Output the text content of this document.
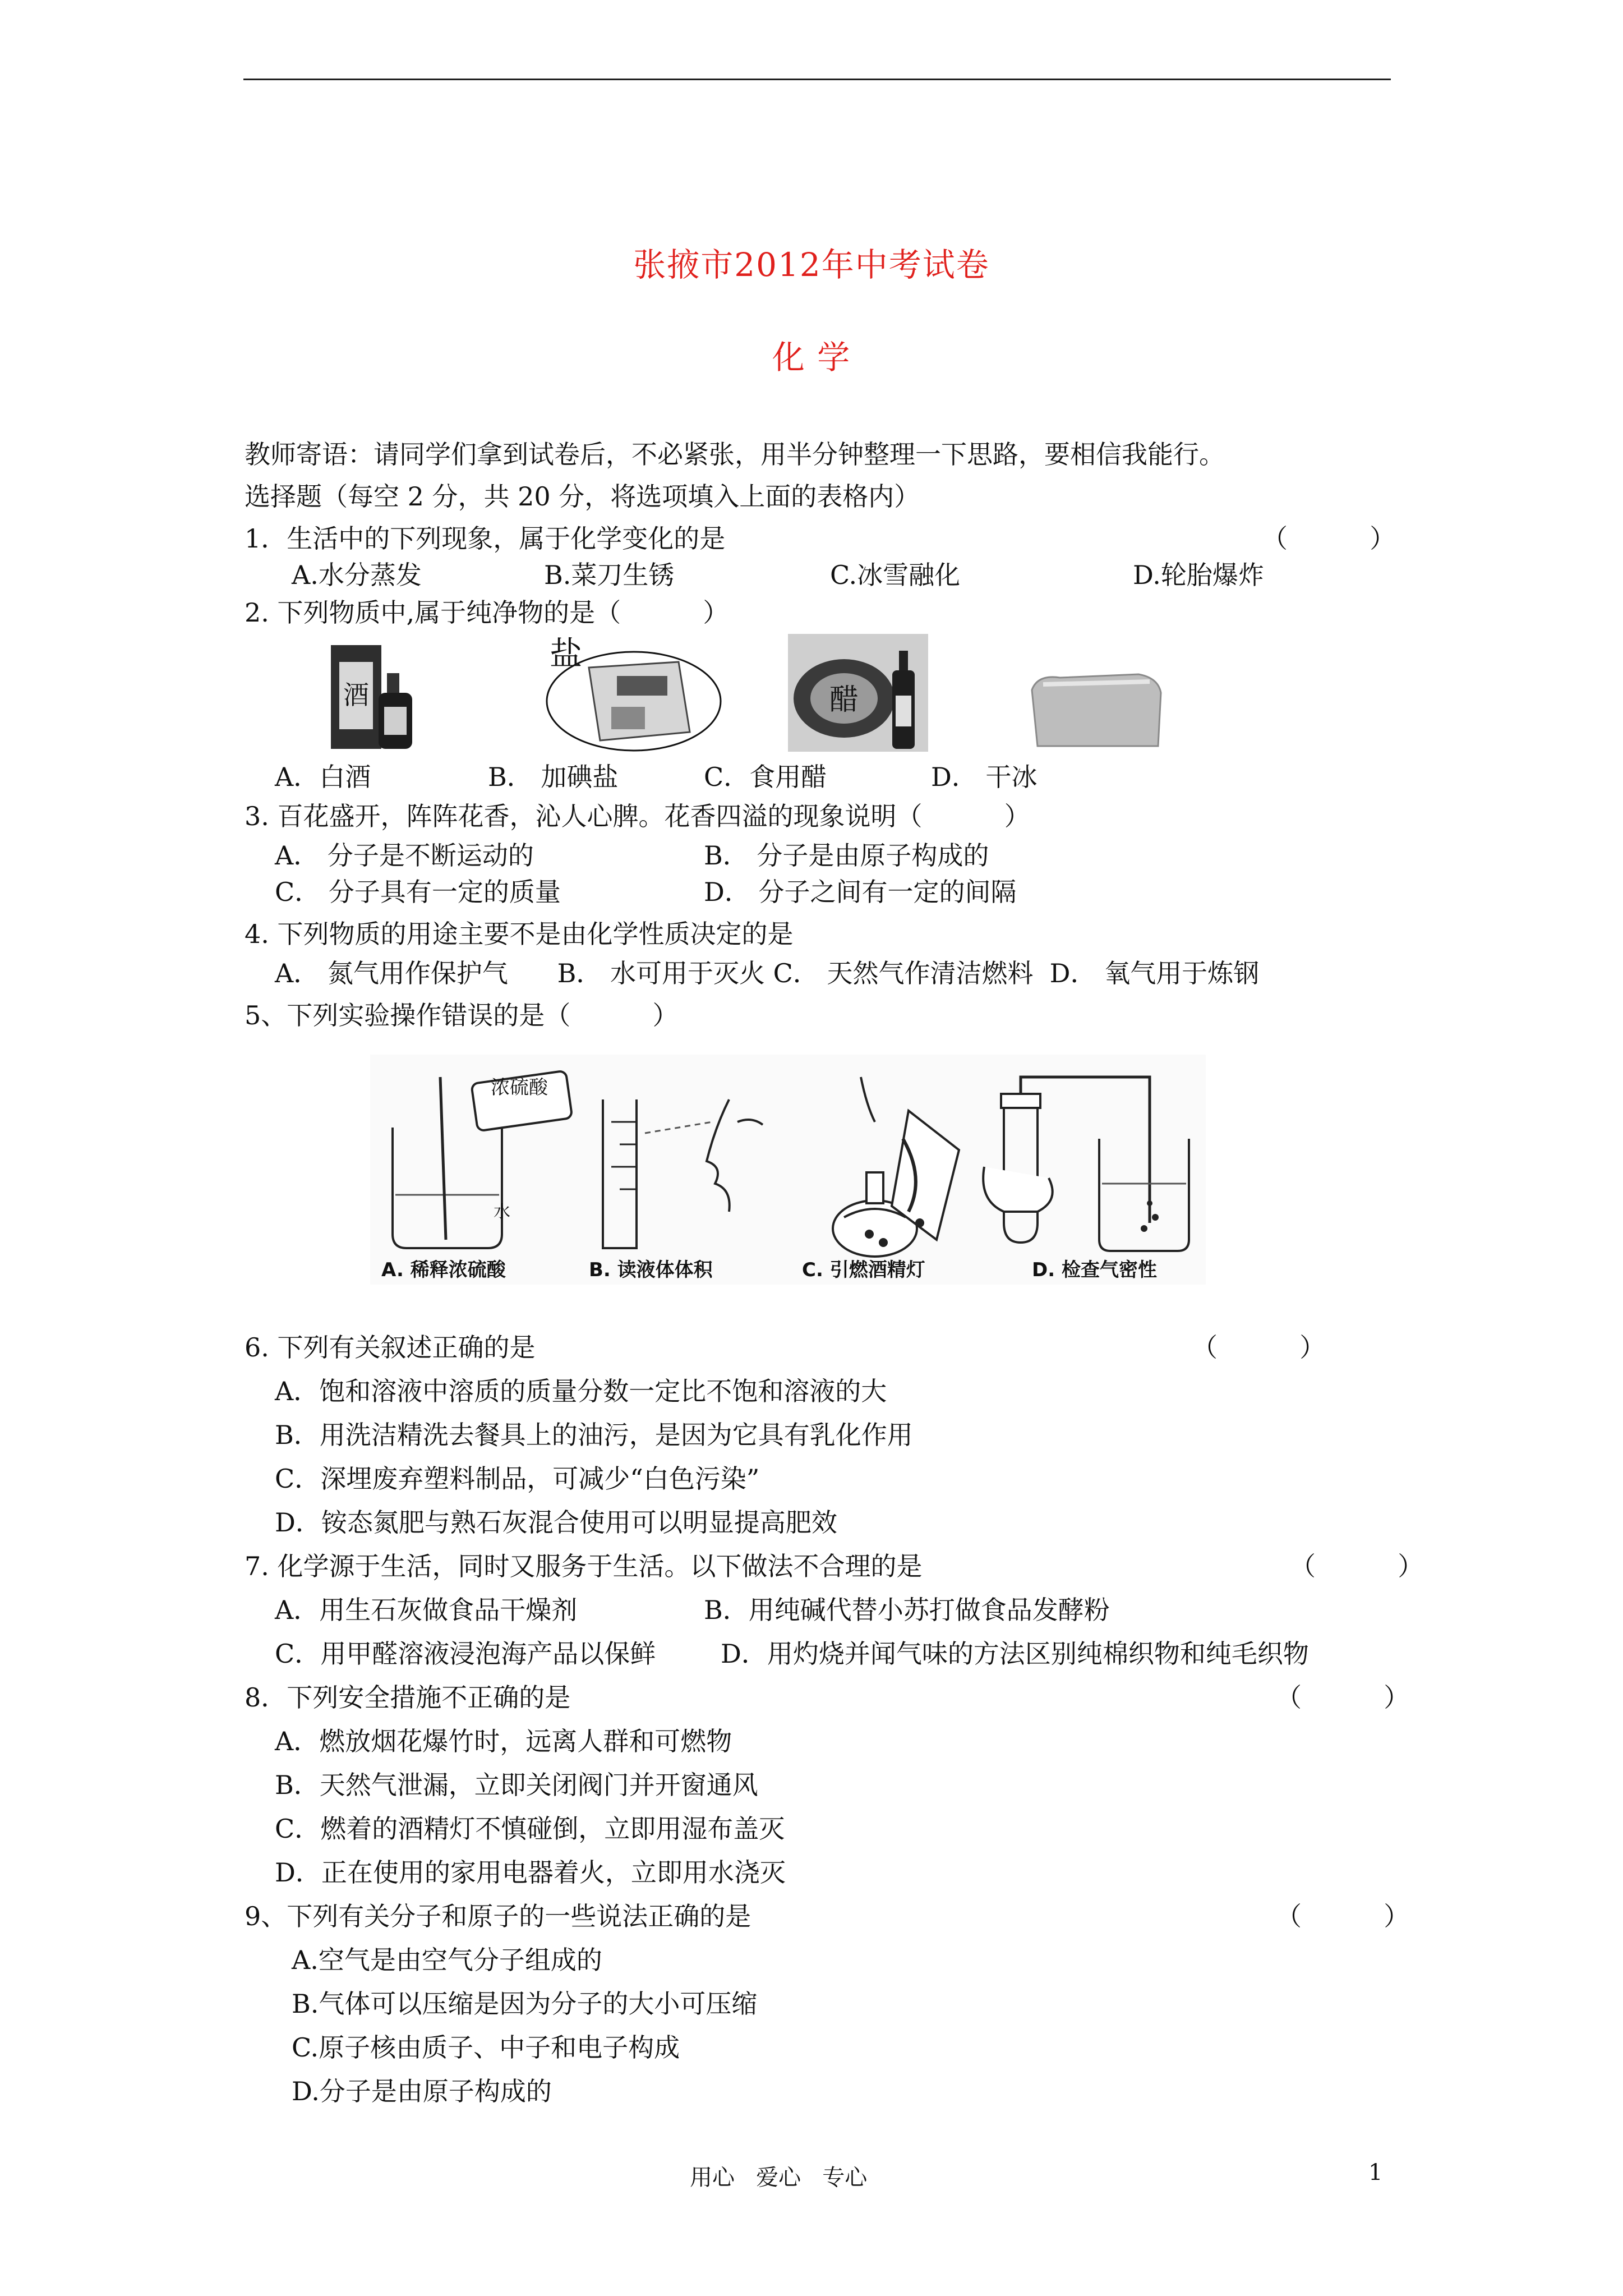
张掖市2012年中考试卷
化 学
教师寄语：请同学们拿到试卷后，不必紧张，用半分钟整理一下思路，要相信我能行。
选择题（每空 2 分，共 20 分，将选项填入上面的表格内）
1．生活中的下列现象，属于化学变化的是	（          ）
A.水分蒸发	B.菜刀生锈	C.冰雪融化	D.轮胎爆炸
2. 下列物质中,属于纯净物的是（          ）
酒
盐
醋
A．白酒	B． 加碘盐	C．食用醋	D． 干冰
3. 百花盛开，阵阵花香，沁人心脾。花香四溢的现象说明（          ）
A． 分子是不断运动的	B． 分子是由原子构成的
C． 分子具有一定的质量	D． 分子之间有一定的间隔
4. 下列物质的用途主要不是由化学性质决定的是
A． 氮气用作保护气      B． 水可用于灭火 C． 天然气作清洁燃料  D． 氧气用于炼钢
5、下列实验操作错误的是（          ）
浓硫酸
水
A. 稀释浓硫酸	B. 读液体体积	C. 引燃酒精灯	D. 检查气密性
6. 下列有关叙述正确的是	（          ）
A．饱和溶液中溶质的质量分数一定比不饱和溶液的大
B．用洗洁精洗去餐具上的油污，是因为它具有乳化作用
C．深埋废弃塑料制品，可减少“白色污染”
D．铵态氮肥与熟石灰混合使用可以明显提高肥效
7. 化学源于生活，同时又服务于生活。以下做法不合理的是	（          ）
A．用生石灰做食品干燥剂	B．用纯碱代替小苏打做食品发酵粉
C．用甲醛溶液浸泡海产品以保鲜	D．用灼烧并闻气味的方法区别纯棉织物和纯毛织物
8．下列安全措施不正确的是	（          ）
A．燃放烟花爆竹时，远离人群和可燃物
B．天然气泄漏，立即关闭阀门并开窗通风
C．燃着的酒精灯不慎碰倒，立即用湿布盖灭
D．正在使用的家用电器着火，立即用水浇灭
9、下列有关分子和原子的一些说法正确的是	（          ）
A.空气是由空气分子组成的
B.气体可以压缩是因为分子的大小可压缩
C.原子核由质子、中子和电子构成
D.分子是由原子构成的
用心   爱心   专心	1
